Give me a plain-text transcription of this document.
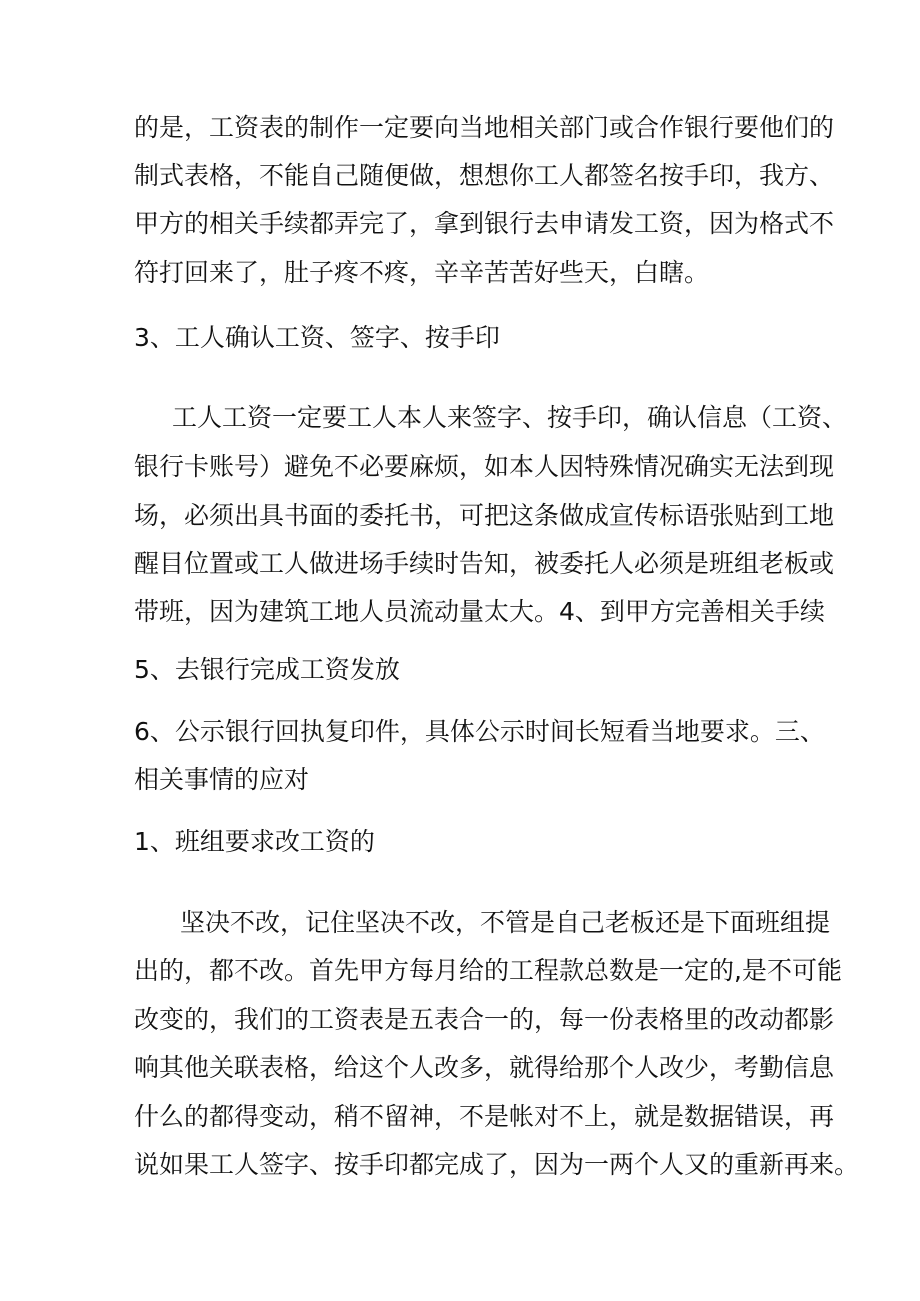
的是，工资表的制作一定要向当地相关部门或合作银行要他们的

制式表格，不能自己随便做，想想你工人都签名按手印，我方、

甲方的相关手续都弄完了，拿到银行去申请发工资，因为格式不

符打回来了，肚子疼不疼，辛辛苦苦好些天，白瞎。

3、工人确认工资、签字、按手印

工人工资一定要工人本人来签字、按手印，确认信息（工资、

银行卡账号）避免不必要麻烦，如本人因特殊情况确实无法到现

场，必须出具书面的委托书，可把这条做成宣传标语张贴到工地

醒目位置或工人做进场手续时告知，被委托人必须是班组老板或

带班，因为建筑工地人员流动量太大。4、到甲方完善相关手续

5、去银行完成工资发放

6、公示银行回执复印件，具体公示时间长短看当地要求。三、

相关事情的应对

1、班组要求改工资的

坚决不改，记住坚决不改，不管是自己老板还是下面班组提

出的，都不改。首先甲方每月给的工程款总数是一定的,是不可能

改变的，我们的工资表是五表合一的，每一份表格里的改动都影

响其他关联表格，给这个人改多，就得给那个人改少，考勤信息

什么的都得变动，稍不留神，不是帐对不上，就是数据错误，再

说如果工人签字、按手印都完成了，因为一两个人又的重新再来。
